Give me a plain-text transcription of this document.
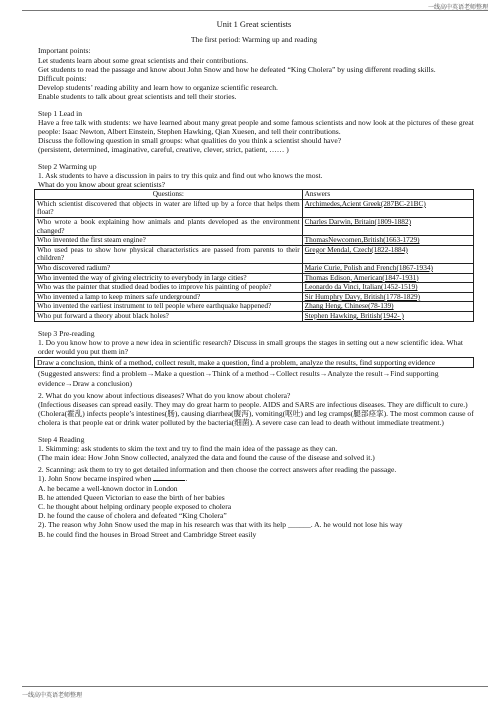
一线高中英语老师整理
Unit 1 Great scientists
The first period: Warming up and reading

Important points:

Let students learn about some great scientists and their contributions.

Get students to read the passage and know about John Snow and how he defeated “King Cholera” by using different reading skills.

Difficult points:

Develop students’ reading ability and learn how to organize scientific research.

Enable students to talk about great scientists and tell their stories.

Step 1 Lead in

Have a free talk with students: we have learned about many great people and some famous scientists and now look at the pictures of these great people: Isaac Newton, Albert Einstein, Stephen Hawking, Qian Xuesen, and tell their contributions.

Discuss the following question in small groups: what qualities do you think a scientist should have?

(persistent, determined, imaginative, careful, creative, clever, strict, patient, …… )

Step 2 Warming up

1. Ask students to have a discussion in pairs to try this quiz and find out who knows the most.

What do you know about great scientists?

Questions:	Answers
Which scientist discovered that objects in water are lifted up by a force that helps them float?	Archimedes,Acient Greek(287BC-21BC)
Who wrote a book explaining how animals and plants developed as the environment changed?	Charles Darwin, Britain(1809-1882)
Who invented the first steam engine?	ThomasNewcomen,British(1663-1729)
Who used peas to show how physical characteristics are passed from parents to their children?	Gregor Mendal, Czech(1822-1884)
Who discovered radium?	Marie Curie, Polish and French(1867-1934)
Who invented the way of giving electricity to everybody in large cities?	Thomas Edison, American(1847-1931)
Who was the painter that studied dead bodies to improve his painting of people?	Leonardo da Vinci, Italian(1452-1519)
Who invented a lamp to keep miners safe underground?	Sir Humphry Davy, British(1778-1829)
Who invented the earliest instrument to tell people where earthquake happened?	Zhang Heng, Chinese(78-139)
Who put forward a theory about black holes?	Stephen Hawking, British(1942- )

Step 3 Pre-reading

1. Do you know how to prove a new idea in scientific research? Discuss in small groups the stages in setting out a new scientific idea. What order would you put them in?

Draw a conclusion, think of a method, collect result, make a question, find a problem, analyze the results, find supporting evidence

(Suggested answers: find a problem→Make a question→Think of a method→Collect results→Analyze the result→Find supporting evidence→Draw a conclusion)

2. What do you know about infectious diseases? What do you know about cholera?

(Infectious diseases can spread easily. They may do great harm to people. AIDS and SARS are infectious diseases. They are difficult to cure.)

(Cholera(霍乱) infects people’s intestines(肠), causing diarrhea(腹泻), vomiting(呕吐) and leg cramps(腿部痉挛). The most common cause of cholera is that people eat or drink water polluted by the bacteria(细菌). A severe case can lead to death without immediate treatment.)

Step 4 Reading

1. Skimming: ask students to skim the text and try to find the main idea of the passage as they can.

(The main idea: How John Snow collected, analyzed the data and found the cause of the disease and solved it.)

2. Scanning: ask them to try to get detailed information and then choose the correct answers after reading the passage.

1). John Snow became inspired when	.

A. he became a well-known doctor in London

B. he attended Queen Victorian to ease the birth of her babies

C. he thought about helping ordinary people exposed to cholera

D. he found the cause of cholera and defeated “King Cholera”

2). The reason why John Snow used the map in his research was that with its help ______. A. he would not lose his way

B. he could find the houses in Broad Street and Cambridge Street easily

一线高中英语老师整理
